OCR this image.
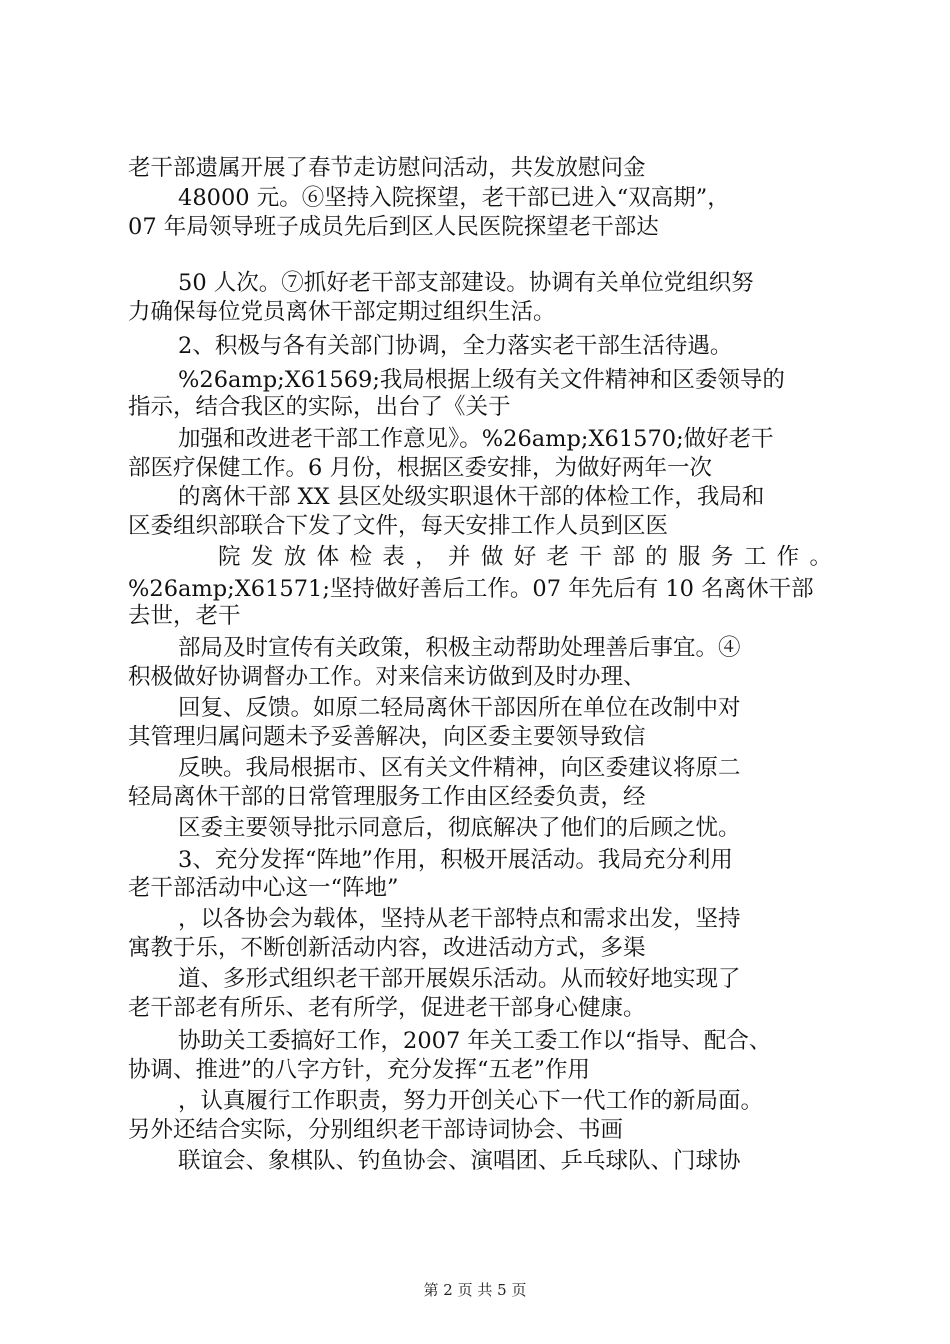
老干部遗属开展了春节走访慰问活动，共发放慰问金
48000 元。⑥坚持入院探望，老干部已进入“双高期”，
07 年局领导班子成员先后到区人民医院探望老干部达
50 人次。⑦抓好老干部支部建设。协调有关单位党组织努
力确保每位党员离休干部定期过组织生活。
2、积极与各有关部门协调，全力落实老干部生活待遇。
%26amp;X61569;我局根据上级有关文件精神和区委领导的
指示，结合我区的实际，出台了《关于
加强和改进老干部工作意见》。%26amp;X61570;做好老干
部医疗保健工作。6 月份，根据区委安排，为做好两年一次
的离休干部 XX 县区处级实职退休干部的体检工作，我局和
区委组织部联合下发了文件，每天安排工作人员到区医
院发放体检表，并做好老干部的服务工作。
%26amp;X61571;坚持做好善后工作。07 年先后有 10 名离休干部
去世，老干
部局及时宣传有关政策，积极主动帮助处理善后事宜。④
积极做好协调督办工作。对来信来访做到及时办理、
回复、反馈。如原二轻局离休干部因所在单位在改制中对
其管理归属问题未予妥善解决，向区委主要领导致信
反映。我局根据市、区有关文件精神，向区委建议将原二
轻局离休干部的日常管理服务工作由区经委负责，经
区委主要领导批示同意后，彻底解决了他们的后顾之忧。
3、充分发挥“阵地”作用，积极开展活动。我局充分利用
老干部活动中心这一“阵地”
，以各协会为载体，坚持从老干部特点和需求出发，坚持
寓教于乐，不断创新活动内容，改进活动方式，多渠
道、多形式组织老干部开展娱乐活动。从而较好地实现了
老干部老有所乐、老有所学，促进老干部身心健康。
协助关工委搞好工作，2007 年关工委工作以“指导、配合、
协调、推进”的八字方针，充分发挥“五老”作用
，认真履行工作职责，努力开创关心下一代工作的新局面。
另外还结合实际，分别组织老干部诗词协会、书画
联谊会、象棋队、钓鱼协会、演唱团、乒乓球队、门球协
第 2 页 共 5 页
